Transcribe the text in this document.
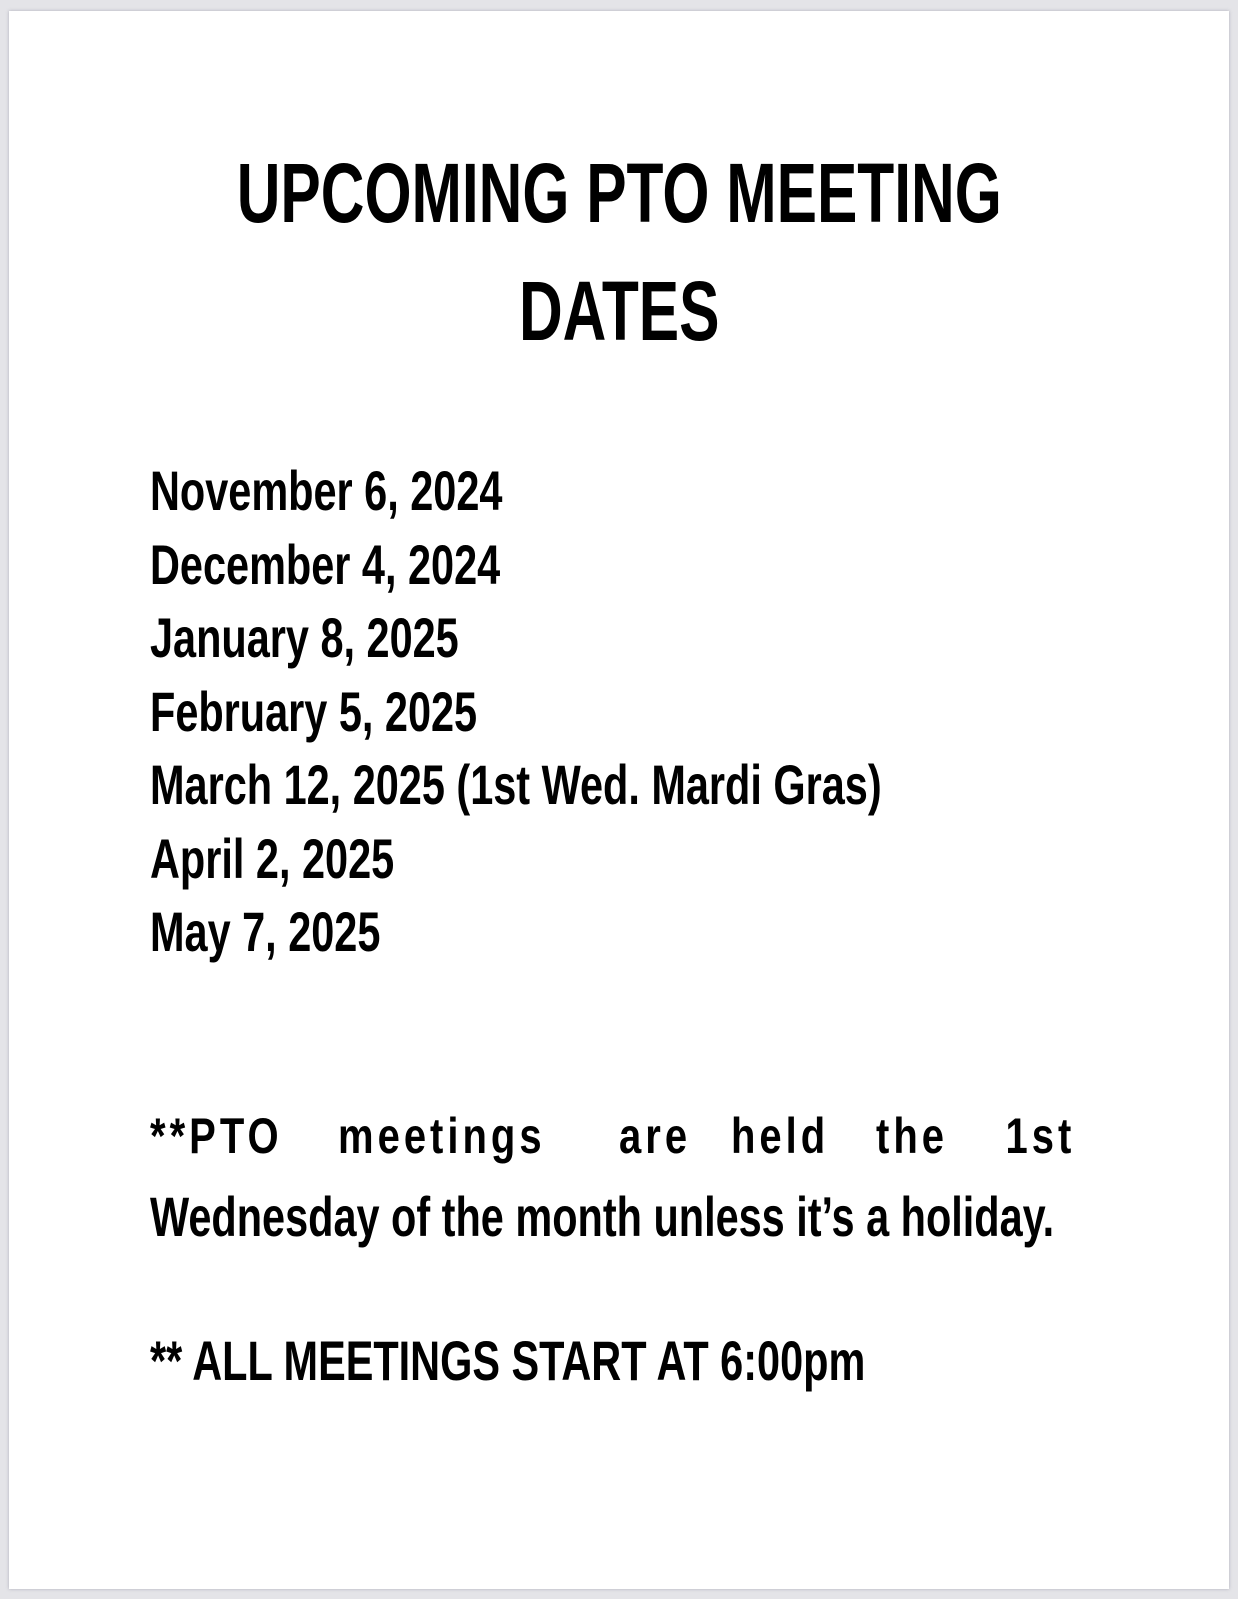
UPCOMING PTO MEETING
DATES
November 6, 2024
December 4, 2024
January 8, 2025
February 5, 2025
March 12, 2025 (1st Wed. Mardi Gras)
April 2, 2025
May 7, 2025
**PTO meetings are held the 1st
Wednesday of the month unless it’s a holiday.
** ALL MEETINGS START AT 6:00pm
